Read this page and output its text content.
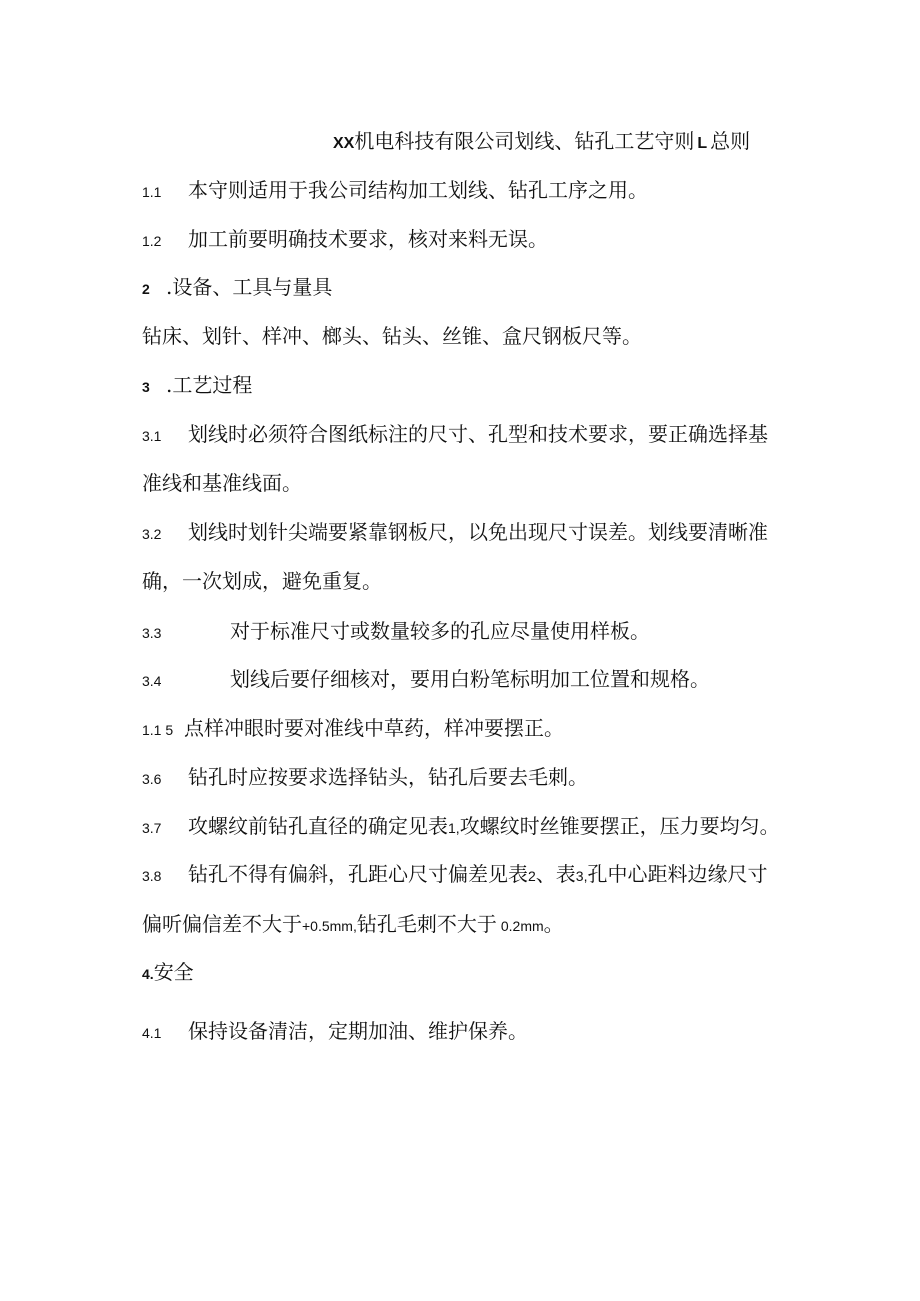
XX机电科技有限公司划线、钻孔工艺守则 L 总则
1.1 本守则适用于我公司结构加工划线、钻孔工序之用。
1.2 加工前要明确技术要求，核对来料无误。
2 .设备、工具与量具
钻床、划针、样冲、榔头、钻头、丝锥、盒尺钢板尺等。
3 .工艺过程
3.1 划线时必须符合图纸标注的尺寸、孔型和技术要求，要正确选择基
准线和基准线面。
3.2 划线时划针尖端要紧靠钢板尺，以免出现尺寸误差。划线要清晰准
确，一次划成，避免重复。
3.3	对于标准尺寸或数量较多的孔应尽量使用样板。
3.4	划线后要仔细核对，要用白粉笔标明加工位置和规格。
1.1 5 点样冲眼时要对准线中草药，样冲要摆正。
3.6 钻孔时应按要求选择钻头，钻孔后要去毛刺。
3.7 攻螺纹前钻孔直径的确定见表1,攻螺纹时丝锥要摆正，压力要均匀。
3.8 钻孔不得有偏斜，孔距心尺寸偏差见表2、表3,孔中心距料边缘尺寸
偏听偏信差不大于+0.5mm,钻孔毛刺不大于 0.2mm。
4.安全
4.1 保持设备清洁，定期加油、维护保养。
